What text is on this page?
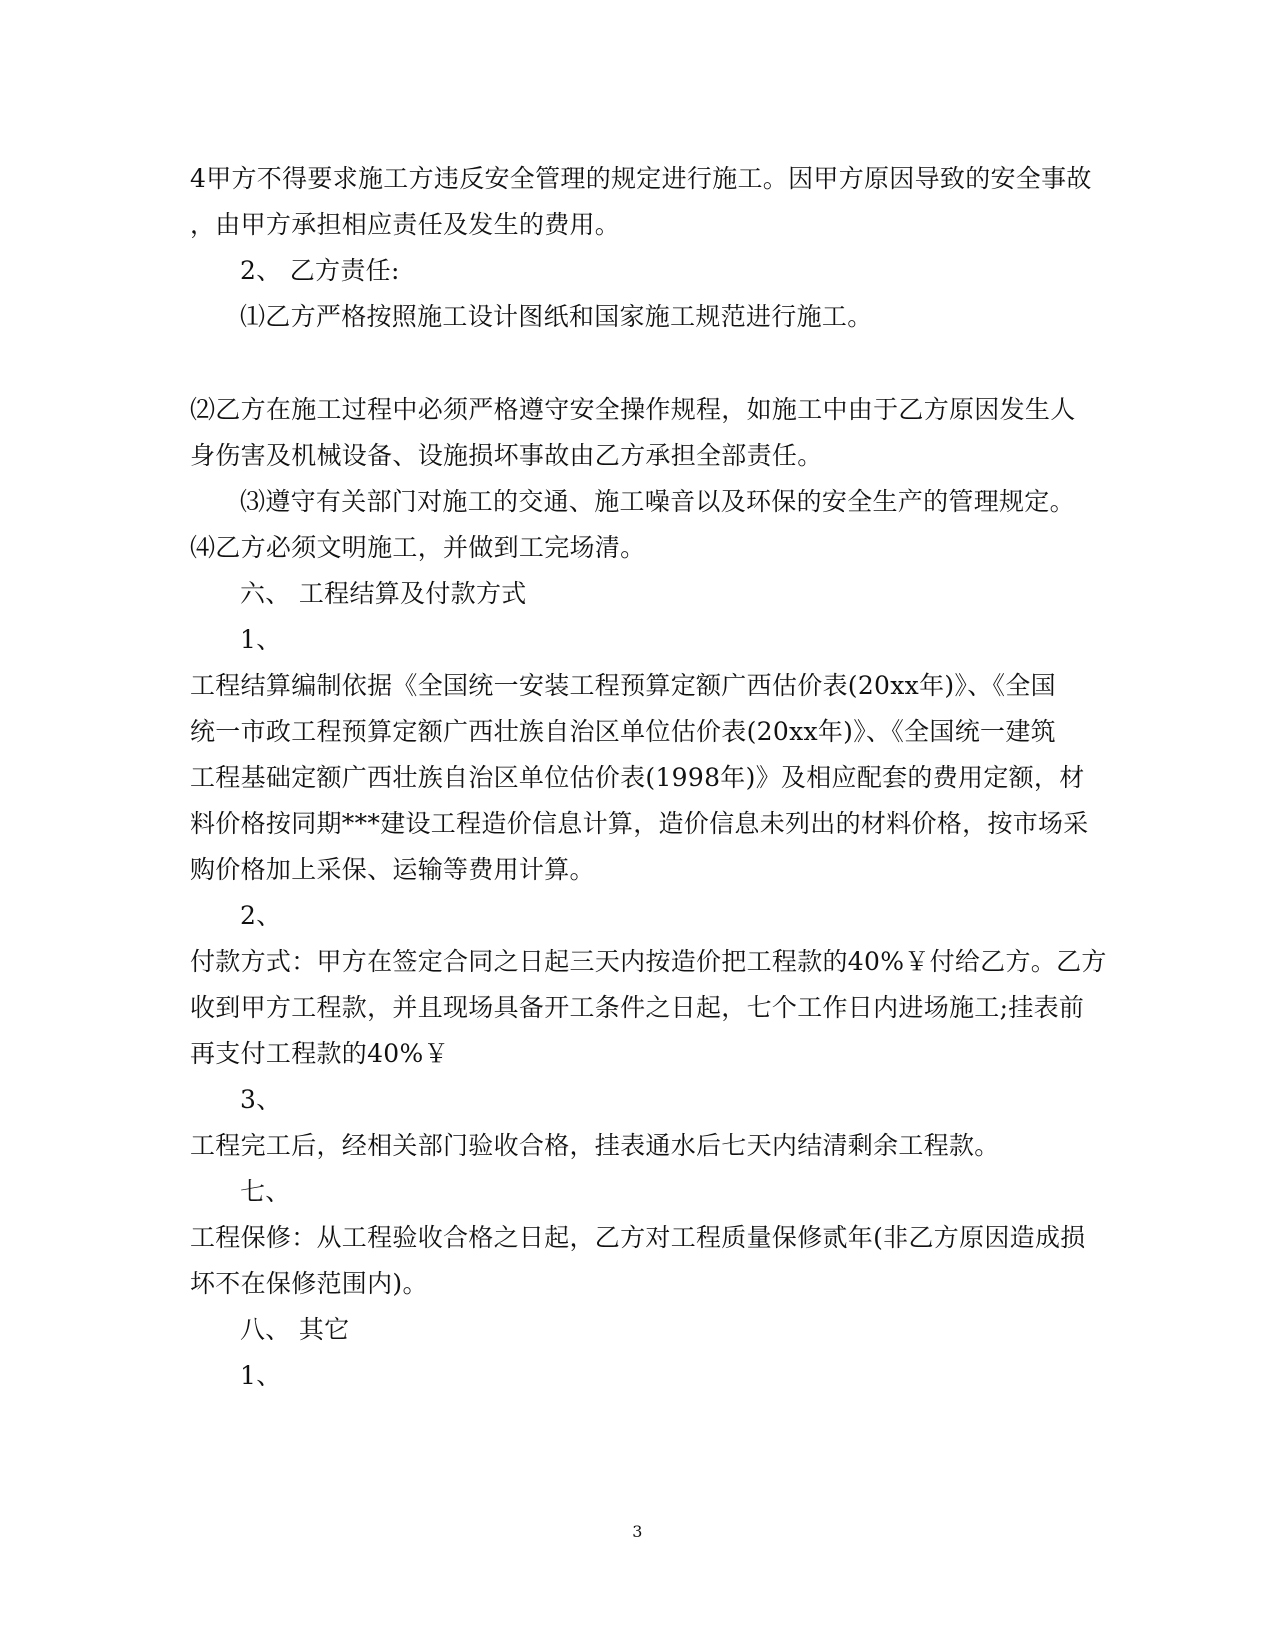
4甲方不得要求施工方违反安全管理的规定进行施工。因甲方原因导致的安全事故
，由甲方承担相应责任及发生的费用。
2、 乙方责任:
⑴乙方严格按照施工设计图纸和国家施工规范进行施工。
⑵乙方在施工过程中必须严格遵守安全操作规程，如施工中由于乙方原因发生人
身伤害及机械设备、设施损坏事故由乙方承担全部责任。
⑶遵守有关部门对施工的交通、施工噪音以及环保的安全生产的管理规定。
⑷乙方必须文明施工，并做到工完场清。
六、 工程结算及付款方式
1、
工程结算编制依据《全国统一安装工程预算定额广西估价表(20xx年)》、《全国
统一市政工程预算定额广西壮族自治区单位估价表(20xx年)》、《全国统一建筑
工程基础定额广西壮族自治区单位估价表(1998年)》及相应配套的费用定额，材
料价格按同期***建设工程造价信息计算，造价信息未列出的材料价格，按市场采
购价格加上采保、运输等费用计算。
2、
付款方式：甲方在签定合同之日起三天内按造价把工程款的40%￥付给乙方。乙方
收到甲方工程款，并且现场具备开工条件之日起，七个工作日内进场施工;挂表前
再支付工程款的40%￥
3、
工程完工后，经相关部门验收合格，挂表通水后七天内结清剩余工程款。
七、
工程保修：从工程验收合格之日起，乙方对工程质量保修贰年(非乙方原因造成损
坏不在保修范围内)。
八、 其它
1、
3
